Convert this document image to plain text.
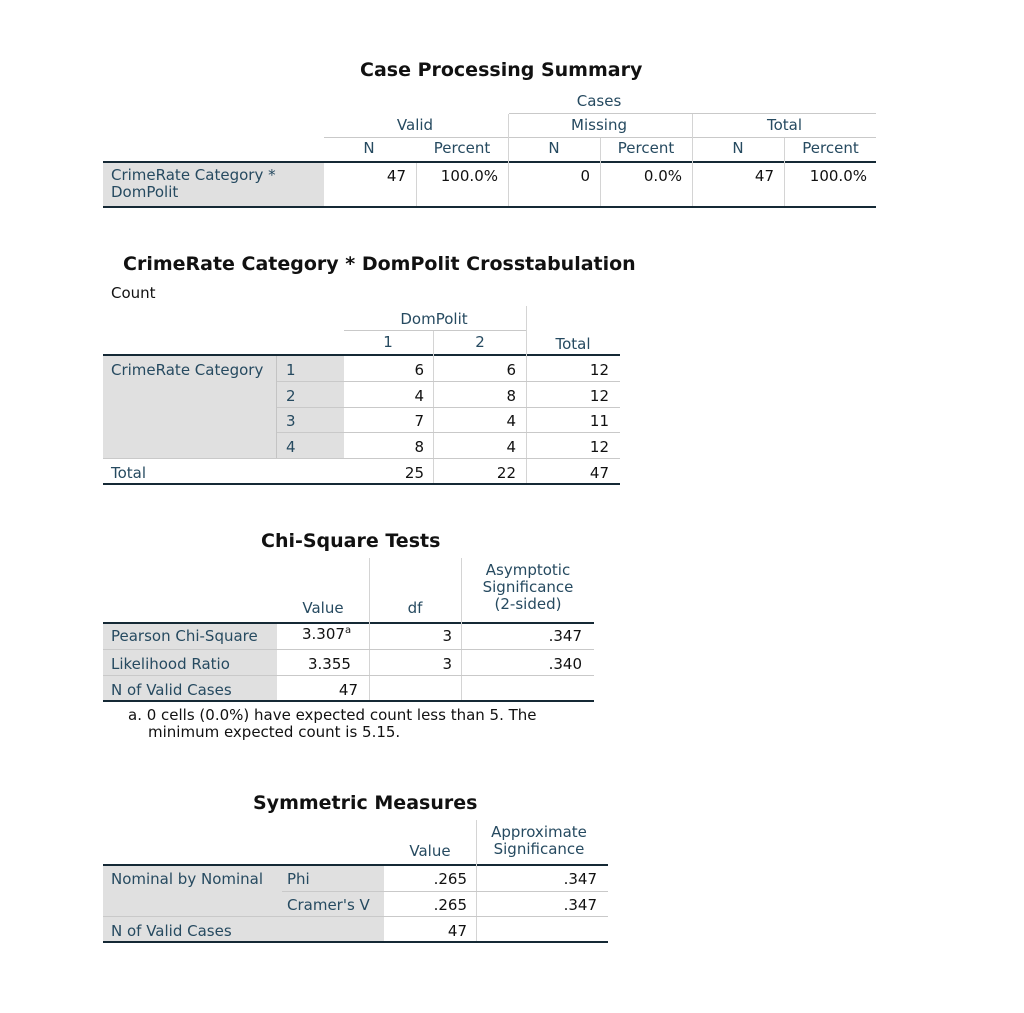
Case Processing Summary
Cases
Valid	Missing	Total
N	Percent	N	Percent	N	Percent
CrimeRate Category *
DomPolit
47	100.0%	0	0.0%	47	100.0%
CrimeRate Category * DomPolit Crosstabulation
Count
DomPolit
1	2	Total
CrimeRate Category 1	6	6	12
2	4	8	12
3	7	4	11
4	8	4	12
Total	25	22	47
Chi-Square Tests
Asymptotic
Significance
(2-sided)
Value	df
Pearson Chi-Square	3.307$^a$	3	.347
Likelihood Ratio	3.355	3	.340
N of Valid Cases	47
a. 0 cells (0.0%) have expected count less than 5. The
minimum expected count is 5.15.
Symmetric Measures
Approximate
Significance
Value
Nominal by Nominal Phi	.265	.347
Cramer's V	.265	.347
N of Valid Cases	47
